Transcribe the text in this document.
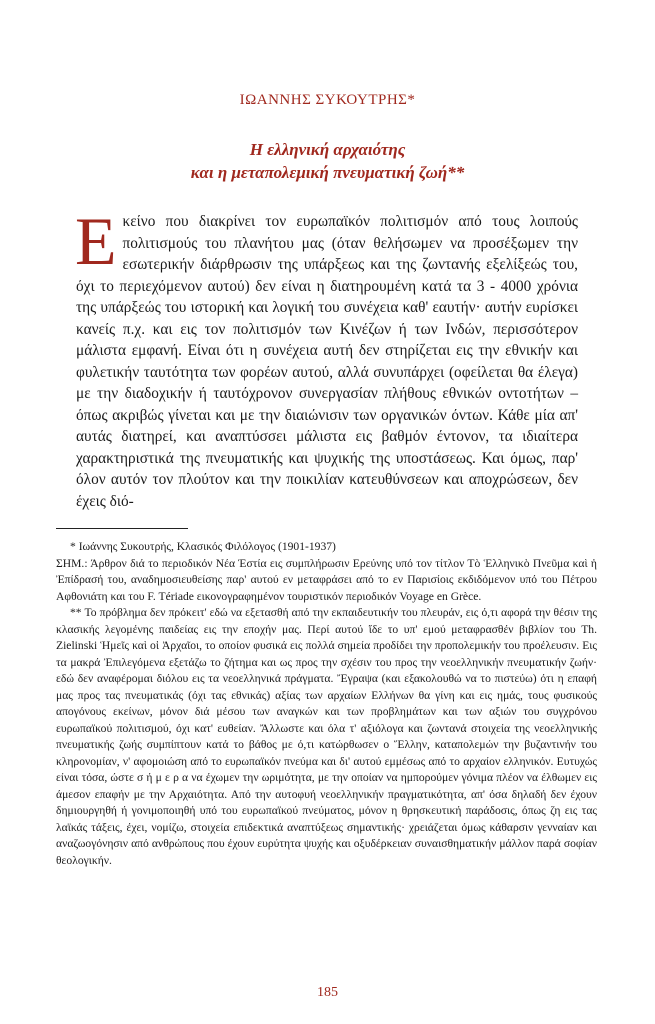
ΙΩΑΝΝΗΣ ΣΥΚΟΥΤΡΗΣ*
Η ελληνική αρχαιότης
και η μεταπολεμική πνευματική ζωή**
Εκείνο που διακρίνει τον ευρωπαϊκόν πολιτισμόν από τους λοιπούς πολιτισμούς του πλανήτου μας (όταν θελήσωμεν να προσέξωμεν την εσωτερικήν διάρθρωσιν της υπάρξεως και της ζωντανής εξελίξεώς του, όχι το περιεχόμενον αυτού) δεν είναι η διατηρουμένη κατά τα 3 - 4000 χρόνια της υπάρξεώς του ιστορική και λογική του συνέχεια καθ' εαυτήν· αυτήν ευρίσκει κανείς π.χ. και εις τον πολιτισμόν των Κινέζων ή των Ινδών, περισσότερον μάλιστα εμφανή. Είναι ότι η συνέχεια αυτή δεν στηρίζεται εις την εθνικήν και φυλετικήν ταυτότητα των φορέων αυτού, αλλά συνυπάρχει (οφείλεται θα έλεγα) με την διαδοχικήν ή ταυτόχρονον συνεργασίαν πλήθους εθνικών οντοτήτων –όπως ακριβώς γίνεται και με την διαιώνισιν των οργανικών όντων. Κάθε μία απ' αυτάς διατηρεί, και αναπτύσσει μάλιστα εις βαθμόν έντονον, τα ιδιαίτερα χαρακτηριστικά της πνευματικής και ψυχικής της υποστάσεως. Και όμως, παρ' όλον αυτόν τον πλούτον και την ποικιλίαν κατευθύνσεων και αποχρώσεων, δεν έχεις διό-

* Ιωάννης Συκουτρής, Κλασικός Φιλόλογος (1901-1937)

ΣΗΜ.: Άρθρον διά το περιοδικόν Νέα Έστία εις συμπλήρωσιν Ερεύνης υπό τον τίτλον Τὸ Ἑλληνικὸ Πνεῦμα καὶ ἡ Ἐπίδρασή του, αναδημοσιευθείσης παρ' αυτού εν μεταφράσει από το εν Παρισίοις εκδιδόμενον υπό του Πέτρου Αφθονιάτη και του F. Tériade εικονογραφημένον τουριστικόν περιοδικόν Voyage en Grèce.

** Το πρόβλημα δεν πρόκειτ' εδώ να εξετασθή από την εκπαιδευτικήν του πλευράν, εις ό,τι αφορά την θέσιν της κλασικής λεγομένης παιδείας εις την εποχήν μας. Περί αυτού ἴδε το υπ' εμού μεταφρασθέν βιβλίον του Th. Zielinski Ἡμεῖς καὶ οἱ Ἀρχαῖοι, το οποίον φυσικά εις πολλά σημεία προδίδει την προπολεμικήν του προέλευσιν. Εις τα μακρά Ἐπιλεγόμενα εξετάζω το ζήτημα και ως προς την σχέσιν του προς την νεοελληνικήν πνευματικήν ζωήν· εδώ δεν αναφέρομαι διόλου εις τα νεοελληνικά πράγματα. Ἔγραψα (και εξακολουθώ να το πιστεύω) ότι η επαφή μας προς τας πνευματικάς (όχι τας εθνικάς) αξίας των αρχαίων Ελλήνων θα γίνη και εις ημάς, τους φυσικούς απογόνους εκείνων, μόνον διά μέσου των αναγκών και των προβλημάτων και των αξιών του συγχρόνου ευρωπαϊκού πολιτισμού, όχι κατ' ευθείαν. Ἄλλωστε και όλα τ' αξιόλογα και ζωντανά στοιχεία της νεοελληνικής πνευματικής ζωής συμπίπτουν κατά το βάθος με ό,τι κατώρθωσεν ο Ἕλλην, καταπολεμών την βυζαντινήν του κληρονομίαν, ν' αφομοιώση από το ευρωπαϊκόν πνεύμα και δι' αυτού εμμέσως από το αρχαίον ελληνικόν. Ευτυχώς είναι τόσα, ώστε σ ή μ ε ρ α να έχωμεν την ωριμότητα, με την οποίαν να ημπορούμεν γόνιμα πλέον να έλθωμεν εις άμεσον επαφήν με την Αρχαιότητα. Από την αυτοφυή νεοελληνικήν πραγματικότητα, απ' όσα δηλαδή δεν έχουν δημιουργηθή ή γονιμοποιηθή υπό του ευρωπαϊκού πνεύματος, μόνον η θρησκευτική παράδοσις, όπως ζη εις τας λαϊκάς τάξεις, έχει, νομίζω, στοιχεία επιδεκτικά αναπτύξεως σημαντικής· χρειάζεται όμως κάθαρσιν γενναίαν και αναζωογόνησιν από ανθρώπους που έχουν ευρύτητα ψυχής και οξυδέρκειαν συναισθηματικήν μάλλον παρά σοφίαν θεολογικήν.

185
